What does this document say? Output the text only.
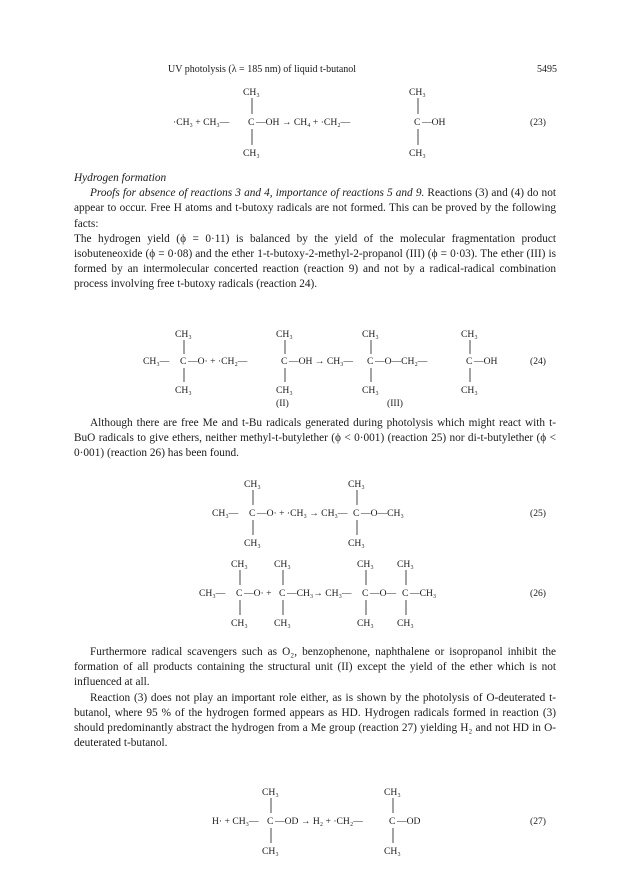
UV photolysis (λ = 185 nm) of liquid t-butanol	5495
CH₃	CH₃
·CH₃ + CH₃— C —OH → CH₄ + ·CH₂—	C —OH
CH₃	CH₃
(23)

Hydrogen formation

Proofs for absence of reactions 3 and 4, importance of reactions 5 and 9. Reactions (3) and (4) do not appear to occur. Free H atoms and t-butoxy radicals are not formed. This can be proved by the following facts:

The hydrogen yield (ϕ = 0·11) is balanced by the yield of the molecular fragmentation product isobuteneoxide (ϕ = 0·08) and the ether 1-t-butoxy-2-methyl-2-propanol (III) (ϕ = 0·03). The ether (III) is formed by an intermolecular concerted reaction (reaction 9) and not by a radical-radical combination process involving free t-butoxy radicals (reaction 24).

CH₃	CH₃	CH₃	CH₃
CH₃— C —O· + ·CH₂—	C —OH → CH₃— C —O—CH₂—	C —OH
CH₃	CH₃	CH₃	CH₃
(II)	(III)
(24)

Although there are free Me and t-Bu radicals generated during photolysis which might react with t-BuO radicals to give ethers, neither methyl-t-butylether (ϕ < 0·001) (reaction 25) nor di-t-butylether (ϕ < 0·001) (reaction 26) has been found.

CH₃	CH₃
CH₃— C —O· + ·CH₃ → CH₃— C —O—CH₃
CH₃	CH₃
(25)
CH₃	CH₃	CH₃ CH₃
CH₃— C —O· + C —CH₃→ CH₃— C —O— C —CH₃
CH₃	CH₃	CH₃ CH₃
(26)

Furthermore radical scavengers such as O₂, benzophenone, naphthalene or isopropanol inhibit the formation of all products containing the structural unit (II) except the yield of the ether which is not influenced at all.

Reaction (3) does not play an important role either, as is shown by the photolysis of O-deuterated t-butanol, where 95 % of the hydrogen formed appears as HD. Hydrogen radicals formed in reaction (3) should predominantly abstract the hydrogen from a Me group (reaction 27) yielding H₂ and not HD in O-deuterated t-butanol.

CH₃	CH₃
H· + CH₃— C —OD → H₂ + ·CH₂—	C —OD
CH₃	CH₃
(27)
